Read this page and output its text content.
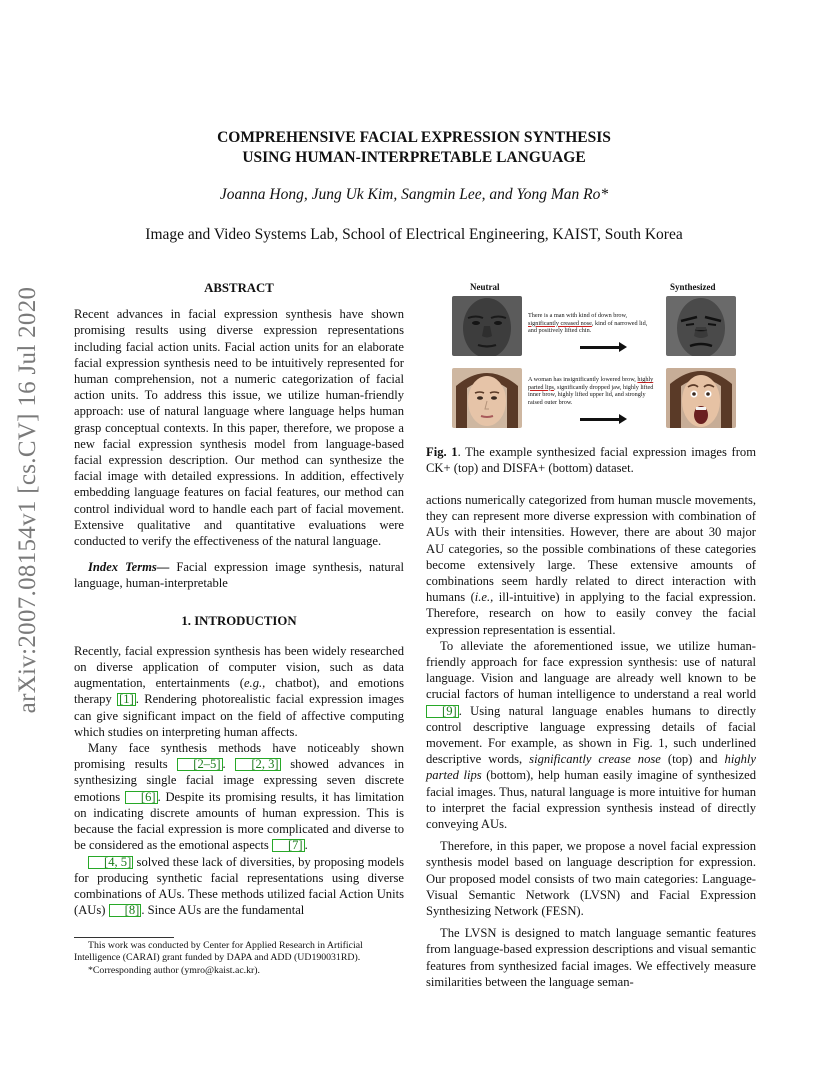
arXiv:2007.08154v1 [cs.CV] 16 Jul 2020
COMPREHENSIVE FACIAL EXPRESSION SYNTHESIS
USING HUMAN-INTERPRETABLE LANGUAGE
Joanna Hong, Jung Uk Kim, Sangmin Lee, and Yong Man Ro*
Image and Video Systems Lab, School of Electrical Engineering, KAIST, South Korea
ABSTRACT

Recent advances in facial expression synthesis have shown promising results using diverse expression representations including facial action units. Facial action units for an elaborate facial expression synthesis need to be intuitively represented for human comprehension, not a numeric categorization of facial action units. To address this issue, we utilize human-friendly approach: use of natural language where language helps human grasp conceptual contexts. In this paper, therefore, we propose a new facial expression synthesis model from language-based facial expression description. Our method can synthesize the facial image with detailed expressions. In addition, effectively embedding language features on facial features, our method can control individual word to handle each part of facial movement. Extensive qualitative and quantitative evaluations were conducted to verify the effectiveness of the natural language.

Index Terms— Facial expression image synthesis, natural language, human-interpretable

1. INTRODUCTION

Recently, facial expression synthesis has been widely researched on diverse application of computer vision, such as data augmentation, entertainments (e.g., chatbot), and emotions therapy [1] . Rendering photorealistic facial expression images can give significant impact on the field of affective computing which studies on interpreting human affects.

Many face synthesis methods have noticeably shown promising results [2–5] . [2, 3] showed advances in synthesizing single facial image expressing seven discrete emotions [6] . Despite its promising results, it has limitation on indicating discrete amounts of human expression. This is because the facial expression is more complicated and diverse to be considered as the emotional aspects [7] .

[4, 5] solved these lack of diversities, by proposing models for producing synthetic facial representations using diverse combinations of AUs. These methods utilized facial Action Units (AUs) [8] . Since AUs are the fundamental

This work was conducted by Center for Applied Research in Artificial Intelligence (CARAI) grant funded by DAPA and ADD (UD190031RD).
*Corresponding author (ymro@kaist.ac.kr).
Neutral	Synthesized
There is a man with kind of down brow, significantly creased nose, kind of narrowed lid, and positively lifted chin.
A woman has insignificantly lowered brow, highly parted lips, significantly dropped jaw, highly lifted inner brow, highly lifted upper lid, and strongly raised outer brow.
Fig. 1. The example synthesized facial expression images from CK+ (top) and DISFA+ (bottom) dataset.

actions numerically categorized from human muscle movements, they can represent more diverse expression with combination of AUs with their intensities. However, there are about 30 major AU categories, so the possible combinations of these categories become extensively large. These extensive amounts of combinations seem hardly related to direct interaction with humans (i.e., ill-intuitive) in applying to the facial expression. Therefore, research on how to easily convey the facial expression representation is essential.

To alleviate the aforementioned issue, we utilize human-friendly approach for face expression synthesis: use of natural language. Vision and language are already well known to be crucial factors of human intelligence to understand a real world [9] . Using natural language enables humans to directly control descriptive language expressing details of facial movement. For example, as shown in Fig. 1, such underlined descriptive words, significantly crease nose (top) and highly parted lips (bottom), help human easily imagine of synthesized facial images. Thus, natural language is more intuitive for human to interpret the facial expression synthesis instead of directly conveying AUs.

Therefore, in this paper, we propose a novel facial expression synthesis model based on language description for expression. Our proposed model consists of two main categories: Language-Visual Semantic Network (LVSN) and Facial Expression Synthesizing Network (FESN).

The LVSN is designed to match language semantic features from language-based expression descriptions and visual semantic features from synthesized facial images. We effectively measure similarities between the language seman-
